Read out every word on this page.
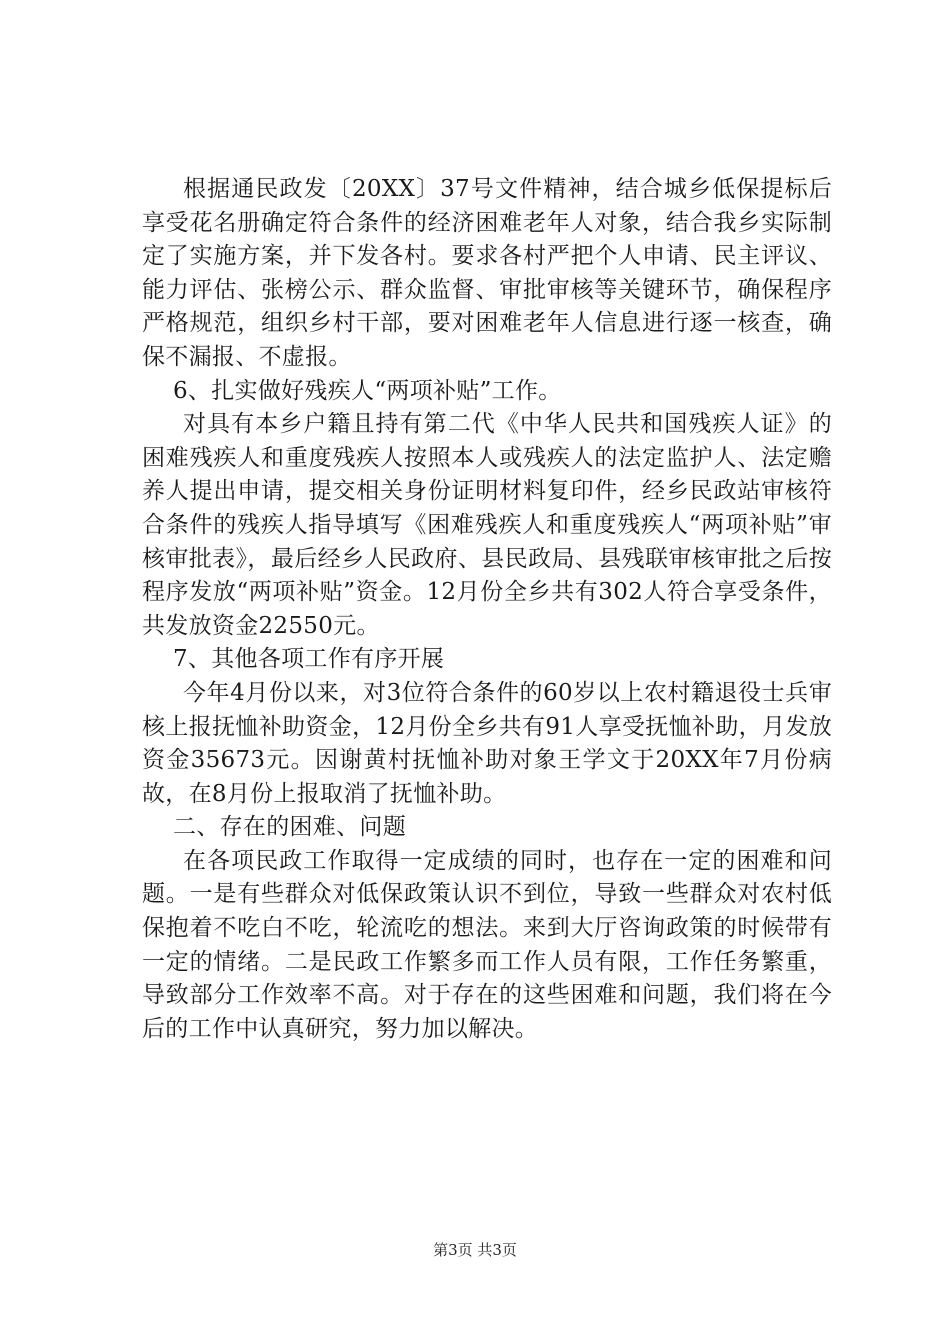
根据通民政发〔20XX〕37号文件精神，结合城乡低保提标后享受花名册确定符合条件的经济困难老年人对象，结合我乡实际制定了实施方案，并下发各村。要求各村严把个人申请、民主评议、能力评估、张榜公示、群众监督、审批审核等关键环节，确保程序严格规范，组织乡村干部，要对困难老年人信息进行逐一核查，确保不漏报、不虚报。

6、扎实做好残疾人“两项补贴”工作。

对具有本乡户籍且持有第二代《中华人民共和国残疾人证》的困难残疾人和重度残疾人按照本人或残疾人的法定监护人、法定赡养人提出申请，提交相关身份证明材料复印件，经乡民政站审核符合条件的残疾人指导填写《困难残疾人和重度残疾人“两项补贴”审核审批表》，最后经乡人民政府、县民政局、县残联审核审批之后按程序发放“两项补贴”资金。12月份全乡共有302人符合享受条件，共发放资金22550元。

7、其他各项工作有序开展

今年4月份以来，对3位符合条件的60岁以上农村籍退役士兵审核上报抚恤补助资金，12月份全乡共有91人享受抚恤补助，月发放资金35673元。因谢黄村抚恤补助对象王学文于20XX年7月份病故，在8月份上报取消了抚恤补助。

二、存在的困难、问题

在各项民政工作取得一定成绩的同时，也存在一定的困难和问题。一是有些群众对低保政策认识不到位，导致一些群众对农村低保抱着不吃白不吃，轮流吃的想法。来到大厅咨询政策的时候带有一定的情绪。二是民政工作繁多而工作人员有限，工作任务繁重，导致部分工作效率不高。对于存在的这些困难和问题，我们将在今后的工作中认真研究，努力加以解决。

第3页 共3页
